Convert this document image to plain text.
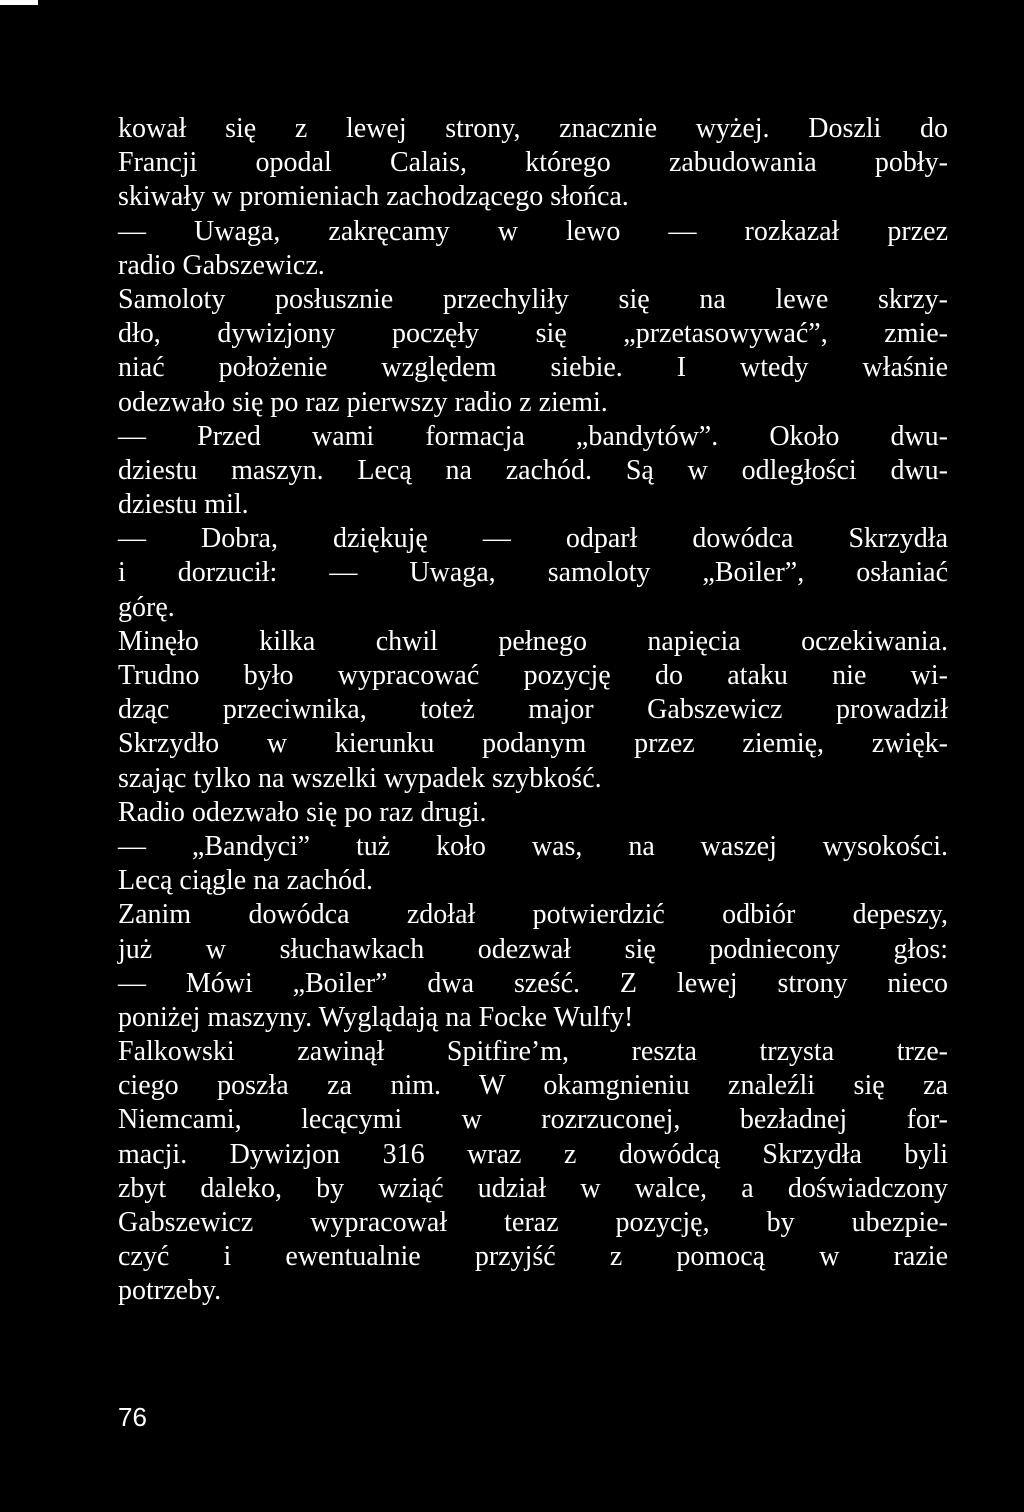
kował się z lewej strony, znacznie wyżej. Doszli do
Francji opodal Calais, którego zabudowania pobły-
skiwały w promieniach zachodzącego słońca.
— Uwaga, zakręcamy w lewo — rozkazał przez
radio Gabszewicz.
Samoloty posłusznie przechyliły się na lewe skrzy-
dło, dywizjony poczęły się „przetasowywać”, zmie-
niać położenie względem siebie. I wtedy właśnie
odezwało się po raz pierwszy radio z ziemi.
— Przed wami formacja „bandytów”. Około dwu-
dziestu maszyn. Lecą na zachód. Są w odległości dwu-
dziestu mil.
— Dobra, dziękuję — odparł dowódca Skrzydła
i dorzucił: — Uwaga, samoloty „Boiler”, osłaniać
górę.
Minęło kilka chwil pełnego napięcia oczekiwania.
Trudno było wypracować pozycję do ataku nie wi-
dząc przeciwnika, toteż major Gabszewicz prowadził
Skrzydło w kierunku podanym przez ziemię, zwięk-
szając tylko na wszelki wypadek szybkość.
Radio odezwało się po raz drugi.
— „Bandyci” tuż koło was, na waszej wysokości.
Lecą ciągle na zachód.
Zanim dowódca zdołał potwierdzić odbiór depeszy,
już w słuchawkach odezwał się podniecony głos:
— Mówi „Boiler” dwa sześć. Z lewej strony nieco
poniżej maszyny. Wyglądają na Focke Wulfy!
Falkowski zawinął Spitfire’m, reszta trzysta trze-
ciego poszła za nim. W okamgnieniu znaleźli się za
Niemcami, lecącymi w rozrzuconej, bezładnej for-
macji. Dywizjon 316 wraz z dowódcą Skrzydła byli
zbyt daleko, by wziąć udział w walce, a doświadczony
Gabszewicz wypracował teraz pozycję, by ubezpie-
czyć i ewentualnie przyjść z pomocą w razie
potrzeby.
76
